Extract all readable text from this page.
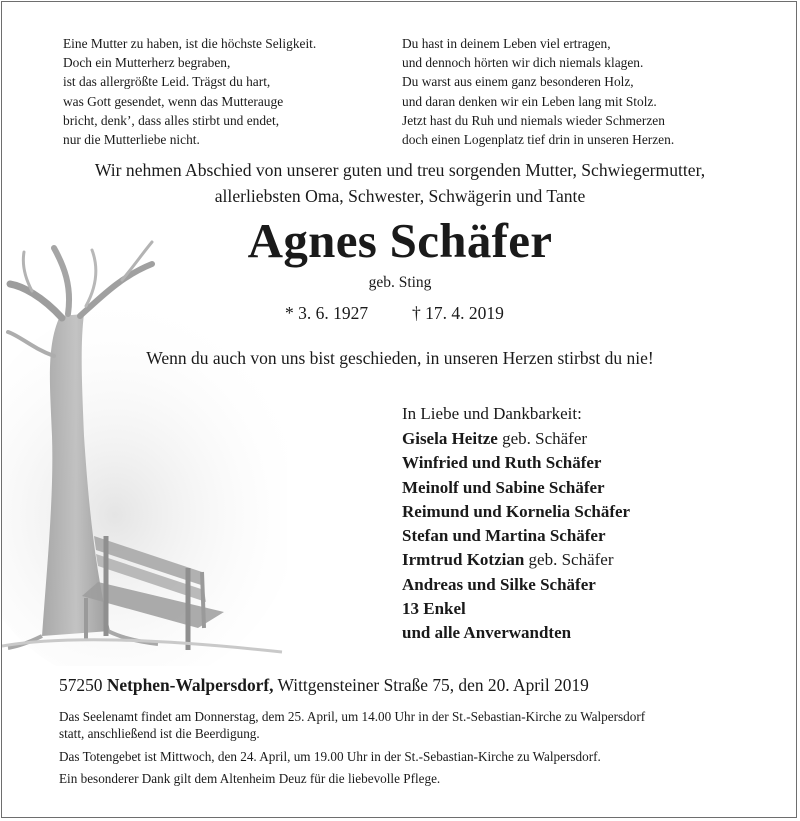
Eine Mutter zu haben, ist die höchste Seligkeit.
Doch ein Mutterherz begraben,
ist das allergrößte Leid. Trägst du hart,
was Gott gesendet, wenn das Mutterauge
bricht, denk’, dass alles stirbt und endet,
nur die Mutterliebe nicht.
Du hast in deinem Leben viel ertragen,
und dennoch hörten wir dich niemals klagen.
Du warst aus einem ganz besonderen Holz,
und daran denken wir ein Leben lang mit Stolz.
Jetzt hast du Ruh und niemals wieder Schmerzen
doch einen Logenplatz tief drin in unseren Herzen.
Wir nehmen Abschied von unserer guten und treu sorgenden Mutter, Schwiegermutter,
allerliebsten Oma, Schwester, Schwägerin und Tante
Agnes Schäfer
geb. Sting
* 3. 6. 1927	† 17. 4. 2019
Wenn du auch von uns bist geschieden, in unseren Herzen stirbst du nie!
In Liebe und Dankbarkeit:
Gisela Heitze geb. Schäfer
Winfried und Ruth Schäfer
Meinolf und Sabine Schäfer
Reimund und Kornelia Schäfer
Stefan und Martina Schäfer
Irmtrud Kotzian geb. Schäfer
Andreas und Silke Schäfer
13 Enkel
und alle Anverwandten
57250 Netphen-Walpersdorf, Wittgensteiner Straße 75, den 20. April 2019
Das Seelenamt findet am Donnerstag, dem 25. April, um 14.00 Uhr in der St.-Sebastian-Kirche zu Walpersdorf
statt, anschließend ist die Beerdigung.
Das Totengebet ist Mittwoch, den 24. April, um 19.00 Uhr in der St.-Sebastian-Kirche zu Walpersdorf.
Ein besonderer Dank gilt dem Altenheim Deuz für die liebevolle Pflege.
